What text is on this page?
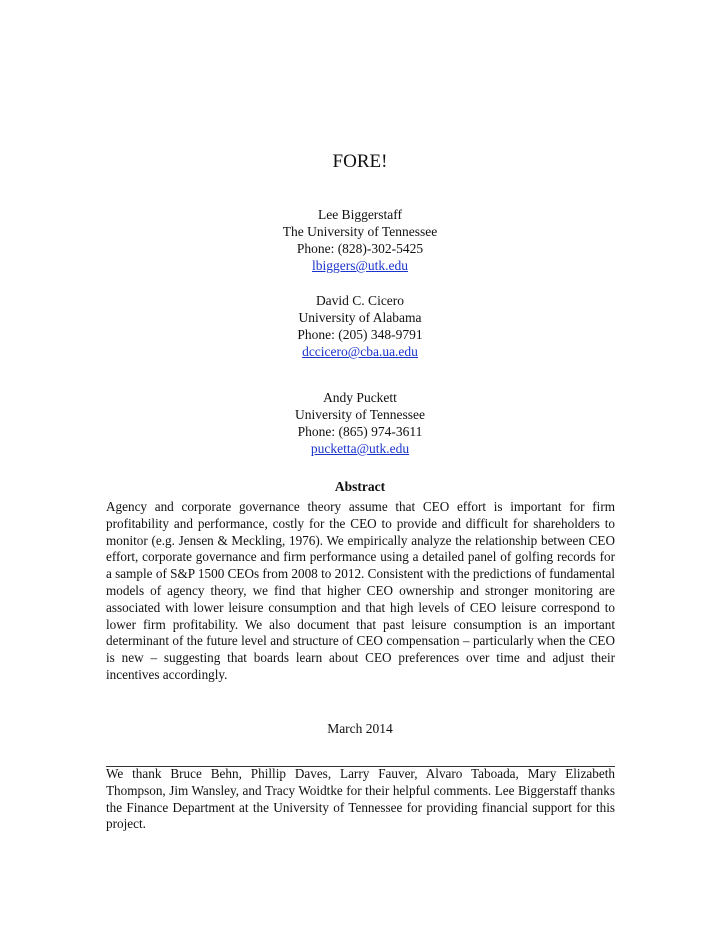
FORE!
Lee Biggerstaff
The University of Tennessee
Phone: (828)-302-5425
lbiggers@utk.edu
David C. Cicero
University of Alabama
Phone: (205) 348-9791
dccicero@cba.ua.edu
Andy Puckett
University of Tennessee
Phone: (865) 974-3611
pucketta@utk.edu
Abstract
Agency and corporate governance theory assume that CEO effort is important for firm profitability and performance, costly for the CEO to provide and difficult for shareholders to monitor (e.g. Jensen & Meckling, 1976). We empirically analyze the relationship between CEO effort, corporate governance and firm performance using a detailed panel of golfing records for a sample of S&P 1500 CEOs from 2008 to 2012. Consistent with the predictions of fundamental models of agency theory, we find that higher CEO ownership and stronger monitoring are associated with lower leisure consumption and that high levels of CEO leisure correspond to lower firm profitability. We also document that past leisure consumption is an important determinant of the future level and structure of CEO compensation – particularly when the CEO is new – suggesting that boards learn about CEO preferences over time and adjust their incentives accordingly.
March 2014
We thank Bruce Behn, Phillip Daves, Larry Fauver, Alvaro Taboada, Mary Elizabeth Thompson, Jim Wansley, and Tracy Woidtke for their helpful comments. Lee Biggerstaff thanks the Finance Department at the University of Tennessee for providing financial support for this project.
